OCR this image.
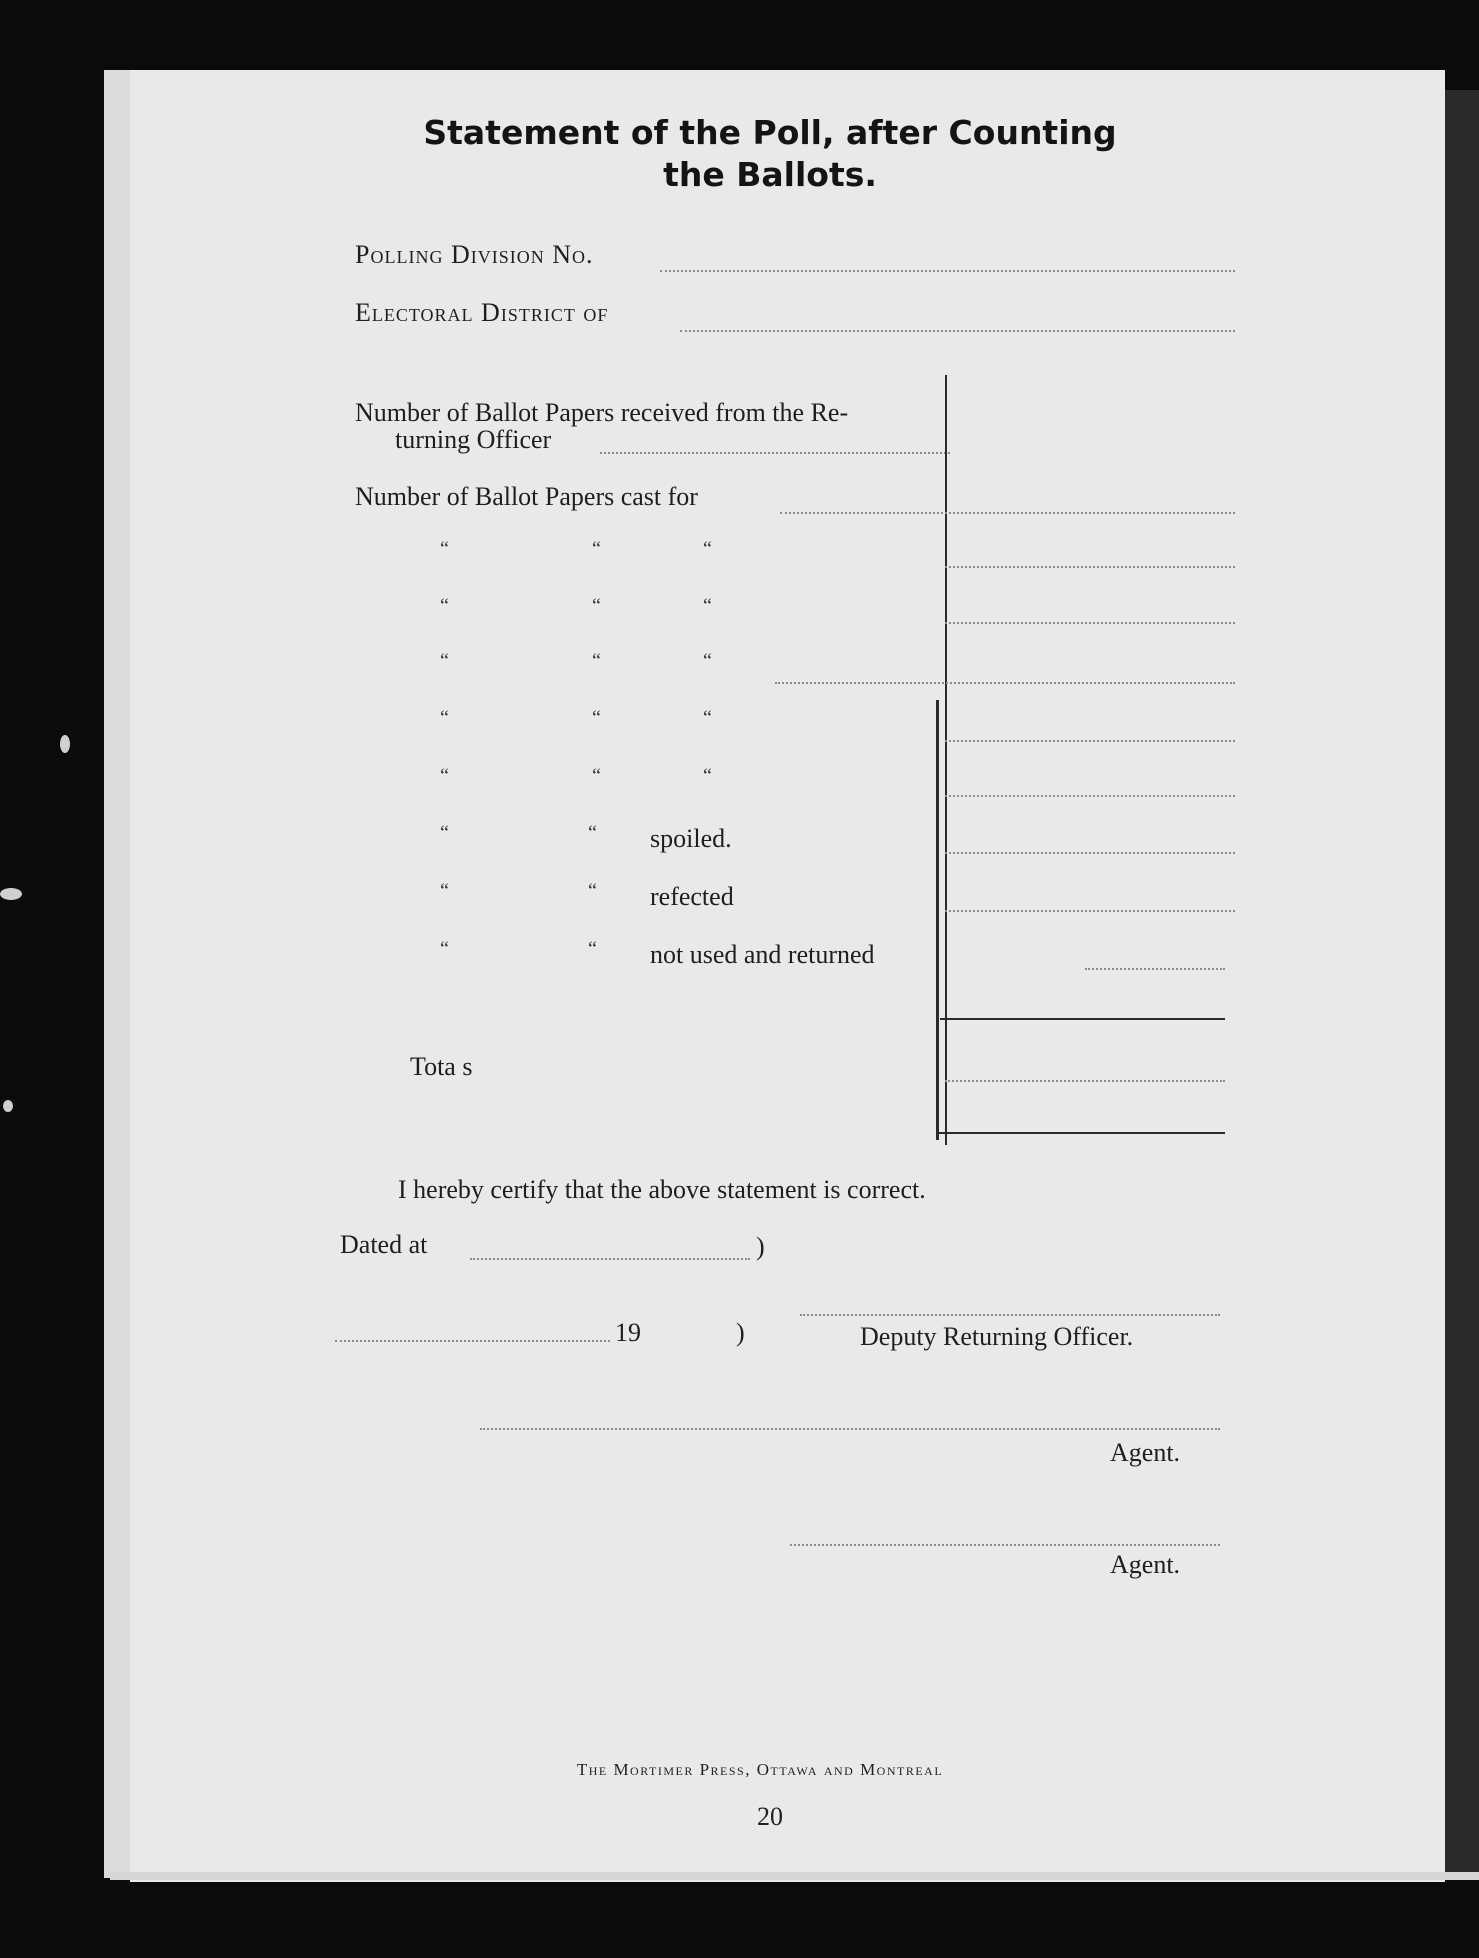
Statement of the Poll, after Counting
the Ballots.
Polling Division No.
Electoral District of
Number of Ballot Papers received from the Re-
turning Officer
Number of Ballot Papers cast for
“	“	“
“	“	“
“	“	“
“	“	“
“	“	“
“	“ spoiled.
“	“ refected
“	“ not used and returned
Tota s
I hereby certify that the above statement is correct.
Dated at	)
19	)	Deputy Returning Officer.
Agent.
Agent.
The Mortimer Press, Ottawa and Montreal
20
